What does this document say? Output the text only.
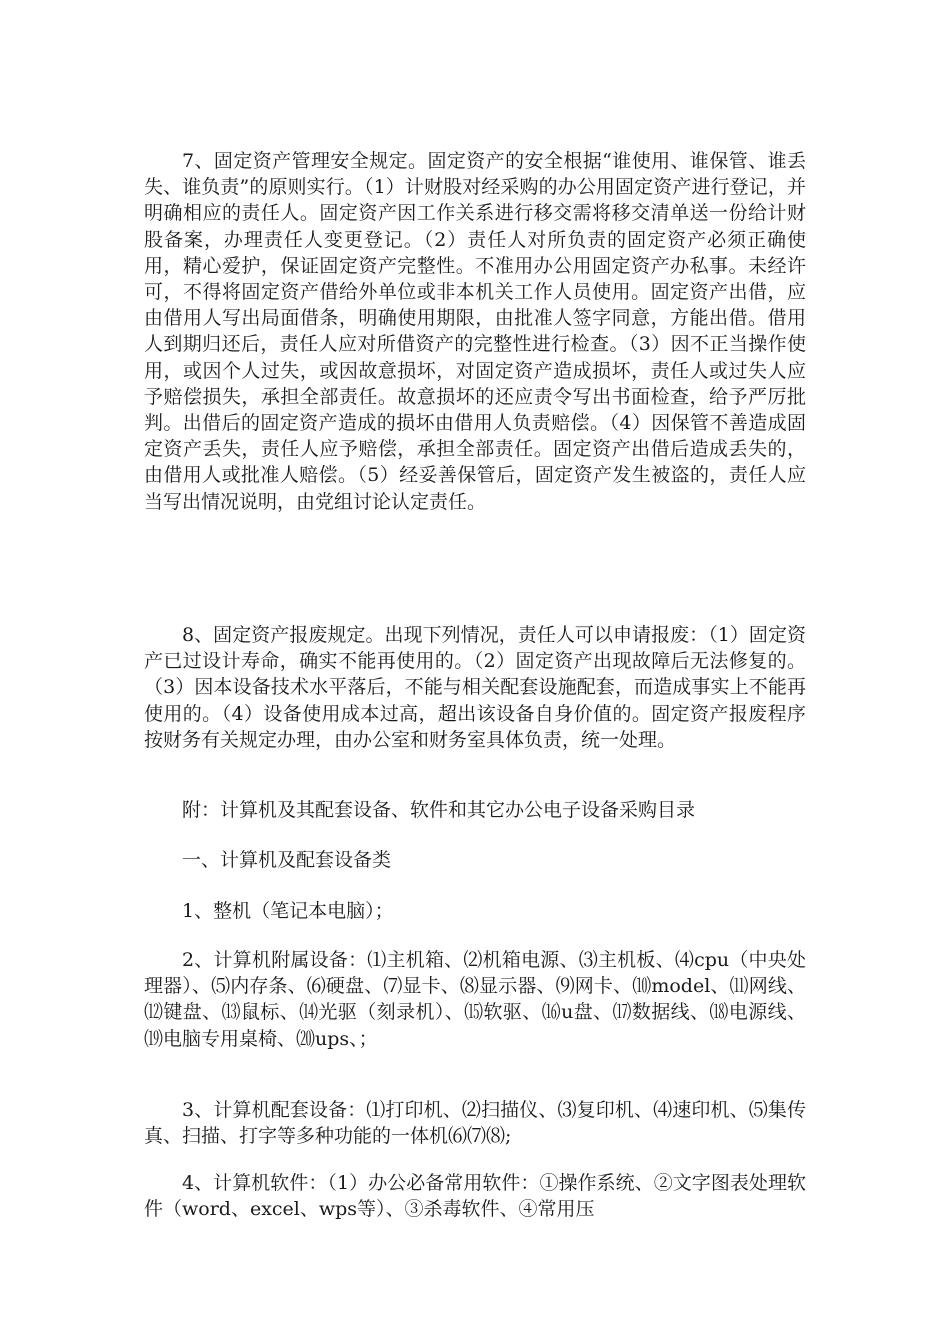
7、固定资产管理安全规定。固定资产的安全根据“谁使用、谁保管、谁丢失、谁负责”的原则实行。（1）计财股对经采购的办公用固定资产进行登记，并明确相应的责任人。固定资产因工作关系进行移交需将移交清单送一份给计财股备案，办理责任人变更登记。（2）责任人对所负责的固定资产必须正确使用，精心爱护，保证固定资产完整性。不准用办公用固定资产办私事。未经许可，不得将固定资产借给外单位或非本机关工作人员使用。固定资产出借，应由借用人写出局面借条，明确使用期限，由批准人签字同意，方能出借。借用人到期归还后，责任人应对所借资产的完整性进行检查。（3）因不正当操作使用，或因个人过失，或因故意损坏，对固定资产造成损坏，责任人或过失人应予赔偿损失，承担全部责任。故意损坏的还应责令写出书面检查，给予严厉批判。出借后的固定资产造成的损坏由借用人负责赔偿。（4）因保管不善造成固定资产丢失，责任人应予赔偿，承担全部责任。固定资产出借后造成丢失的，由借用人或批准人赔偿。（5）经妥善保管后，固定资产发生被盗的，责任人应当写出情况说明，由党组讨论认定责任。

8、固定资产报废规定。出现下列情况，责任人可以申请报废：（1）固定资产已过设计寿命，确实不能再使用的。（2）固定资产出现故障后无法修复的。（3）因本设备技术水平落后，不能与相关配套设施配套，而造成事实上不能再使用的。（4）设备使用成本过高，超出该设备自身价值的。固定资产报废程序按财务有关规定办理，由办公室和财务室具体负责，统一处理。

附：计算机及其配套设备、软件和其它办公电子设备采购目录

一、计算机及配套设备类

1、整机（笔记本电脑）；

2、计算机附属设备：⑴主机箱、⑵机箱电源、⑶主机板、⑷cpu（中央处理器）、⑸内存条、⑹硬盘、⑺显卡、⑻显示器、⑼网卡、⑽model、⑾网线、⑿键盘、⒀鼠标、⒁光驱（刻录机）、⒂软驱、⒃u盘、⒄数据线、⒅电源线、⒆电脑专用桌椅、⒇ups、；

3、计算机配套设备：⑴打印机、⑵扫描仪、⑶复印机、⑷速印机、⑸集传真、扫描、打字等多种功能的一体机⑹⑺⑻;

4、计算机软件：（1）办公必备常用软件：①操作系统、②文字图表处理软件（word、excel、wps等）、③杀毒软件、④常用压
